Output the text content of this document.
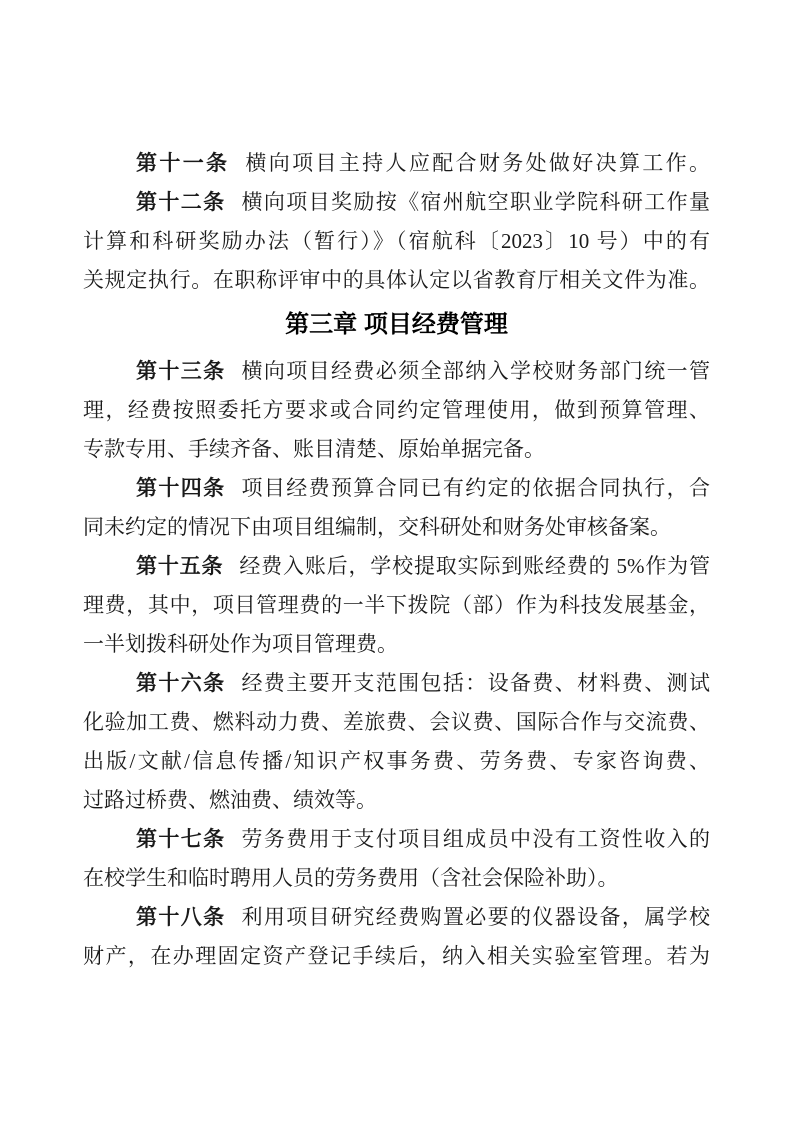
第十一条 横向项目主持人应配合财务处做好决算工作。
第十二条 横向项目奖励按《宿州航空职业学院科研工作量
计算和科研奖励办法（暂行）》（宿航科〔2023〕10 号）中的有
关规定执行。在职称评审中的具体认定以省教育厅相关文件为准。
第三章 项目经费管理
第十三条 横向项目经费必须全部纳入学校财务部门统一管
理，经费按照委托方要求或合同约定管理使用，做到预算管理、
专款专用、手续齐备、账目清楚、原始单据完备。
第十四条 项目经费预算合同已有约定的依据合同执行，合
同未约定的情况下由项目组编制，交科研处和财务处审核备案。
第十五条 经费入账后，学校提取实际到账经费的 5%作为管
理费，其中，项目管理费的一半下拨院（部）作为科技发展基金，
一半划拨科研处作为项目管理费。
第十六条 经费主要开支范围包括：设备费、材料费、测试
化验加工费、燃料动力费、差旅费、会议费、国际合作与交流费、
出版/文献/信息传播/知识产权事务费、劳务费、专家咨询费、
过路过桥费、燃油费、绩效等。
第十七条 劳务费用于支付项目组成员中没有工资性收入的
在校学生和临时聘用人员的劳务费用（含社会保险补助）。
第十八条 利用项目研究经费购置必要的仪器设备，属学校
财产，在办理固定资产登记手续后，纳入相关实验室管理。若为
